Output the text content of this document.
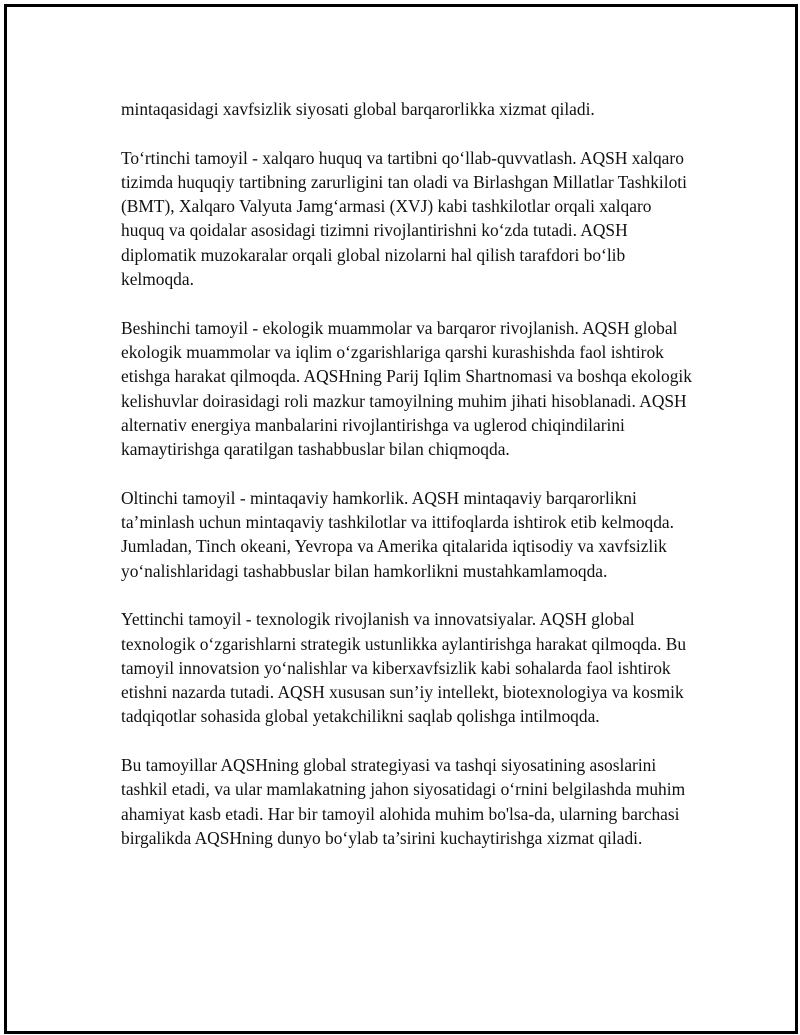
mintaqasidagi xavfsizlik siyosati global barqarorlikka xizmat qiladi.

To‘rtinchi tamoyil - xalqaro huquq va tartibni qo‘llab-quvvatlash. AQSH xalqaro tizimda huquqiy tartibning zarurligini tan oladi va Birlashgan Millatlar Tashkiloti (BMT), Xalqaro Valyuta Jamg‘armasi (XVJ) kabi tashkilotlar orqali xalqaro huquq va qoidalar asosidagi tizimni rivojlantirishni ko‘zda tutadi. AQSH diplomatik muzokaralar orqali global nizolarni hal qilish tarafdori bo‘lib kelmoqda.

Beshinchi tamoyil - ekologik muammolar va barqaror rivojlanish. AQSH global ekologik muammolar va iqlim o‘zgarishlariga qarshi kurashishda faol ishtirok etishga harakat qilmoqda. AQSHning Parij Iqlim Shartnomasi va boshqa ekologik kelishuvlar doirasidagi roli mazkur tamoyilning muhim jihati hisoblanadi. AQSH alternativ energiya manbalarini rivojlantirishga va uglerod chiqindilarini kamaytirishga qaratilgan tashabbuslar bilan chiqmoqda.

Oltinchi tamoyil - mintaqaviy hamkorlik. AQSH mintaqaviy barqarorlikni ta’minlash uchun mintaqaviy tashkilotlar va ittifoqlarda ishtirok etib kelmoqda. Jumladan, Tinch okeani, Yevropa va Amerika qitalarida iqtisodiy va xavfsizlik yo‘nalishlaridagi tashabbuslar bilan hamkorlikni mustahkamlamoqda.

Yettinchi tamoyil - texnologik rivojlanish va innovatsiyalar. AQSH global texnologik o‘zgarishlarni strategik ustunlikka aylantirishga harakat qilmoqda. Bu tamoyil innovatsion yo‘nalishlar va kiberxavfsizlik kabi sohalarda faol ishtirok etishni nazarda tutadi. AQSH xususan sun’iy intellekt, biotexnologiya va kosmik tadqiqotlar sohasida global yetakchilikni saqlab qolishga intilmoqda.

Bu tamoyillar AQSHning global strategiyasi va tashqi siyosatining asoslarini tashkil etadi, va ular mamlakatning jahon siyosatidagi o‘rnini belgilashda muhim ahamiyat kasb etadi. Har bir tamoyil alohida muhim bo'lsa-da, ularning barchasi birgalikda AQSHning dunyo bo‘ylab ta’sirini kuchaytirishga xizmat qiladi.
